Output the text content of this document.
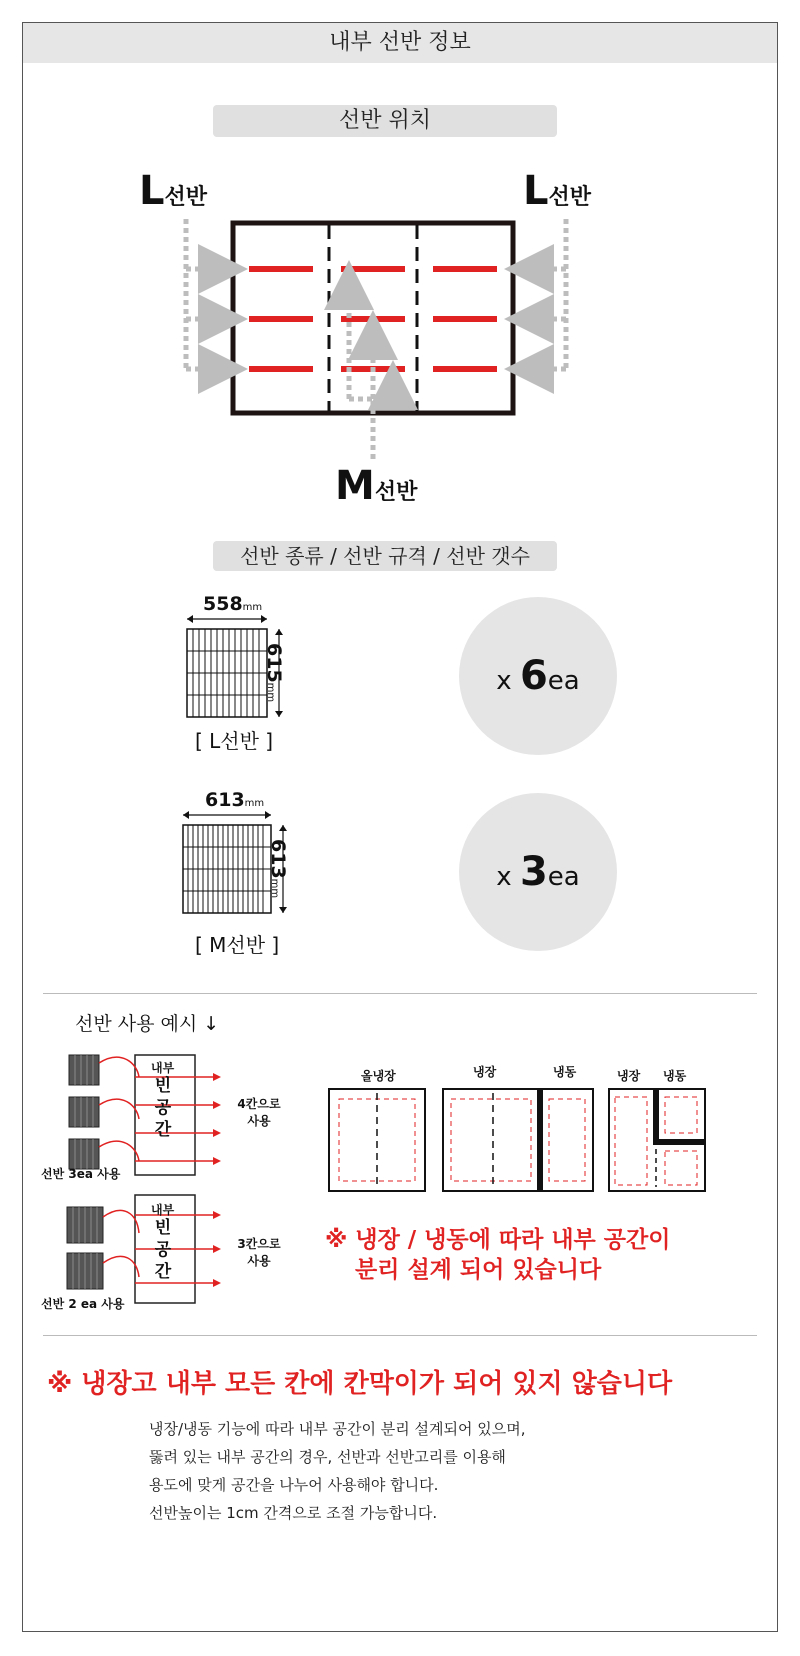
내부 선반 정보
선반 위치
L선반	L선반
M선반
선반 종류 / 선반 규격 / 선반 갯수
558mm
615mm
[ L선반 ]
x 6ea
613mm
613mm
[ M선반 ]
x 3ea
선반 사용 예시 ↓
내부
빈
공
간
4칸으로
사용
선반 3ea 사용
내부
빈
공
간
3칸으로
사용
선반 2 ea 사용
올냉장	냉장	냉동	냉장 냉동
※ 냉장 / 냉동에 따라 내부 공간이
분리 설계 되어 있습니다
※ 냉장고 내부 모든 칸에 칸막이가 되어 있지 않습니다
냉장/냉동 기능에 따라 내부 공간이 분리 설계되어 있으며,
뚫려 있는 내부 공간의 경우, 선반과 선반고리를 이용해
용도에 맞게 공간을 나누어 사용해야 합니다.
선반높이는 1cm 간격으로 조절 가능합니다.
